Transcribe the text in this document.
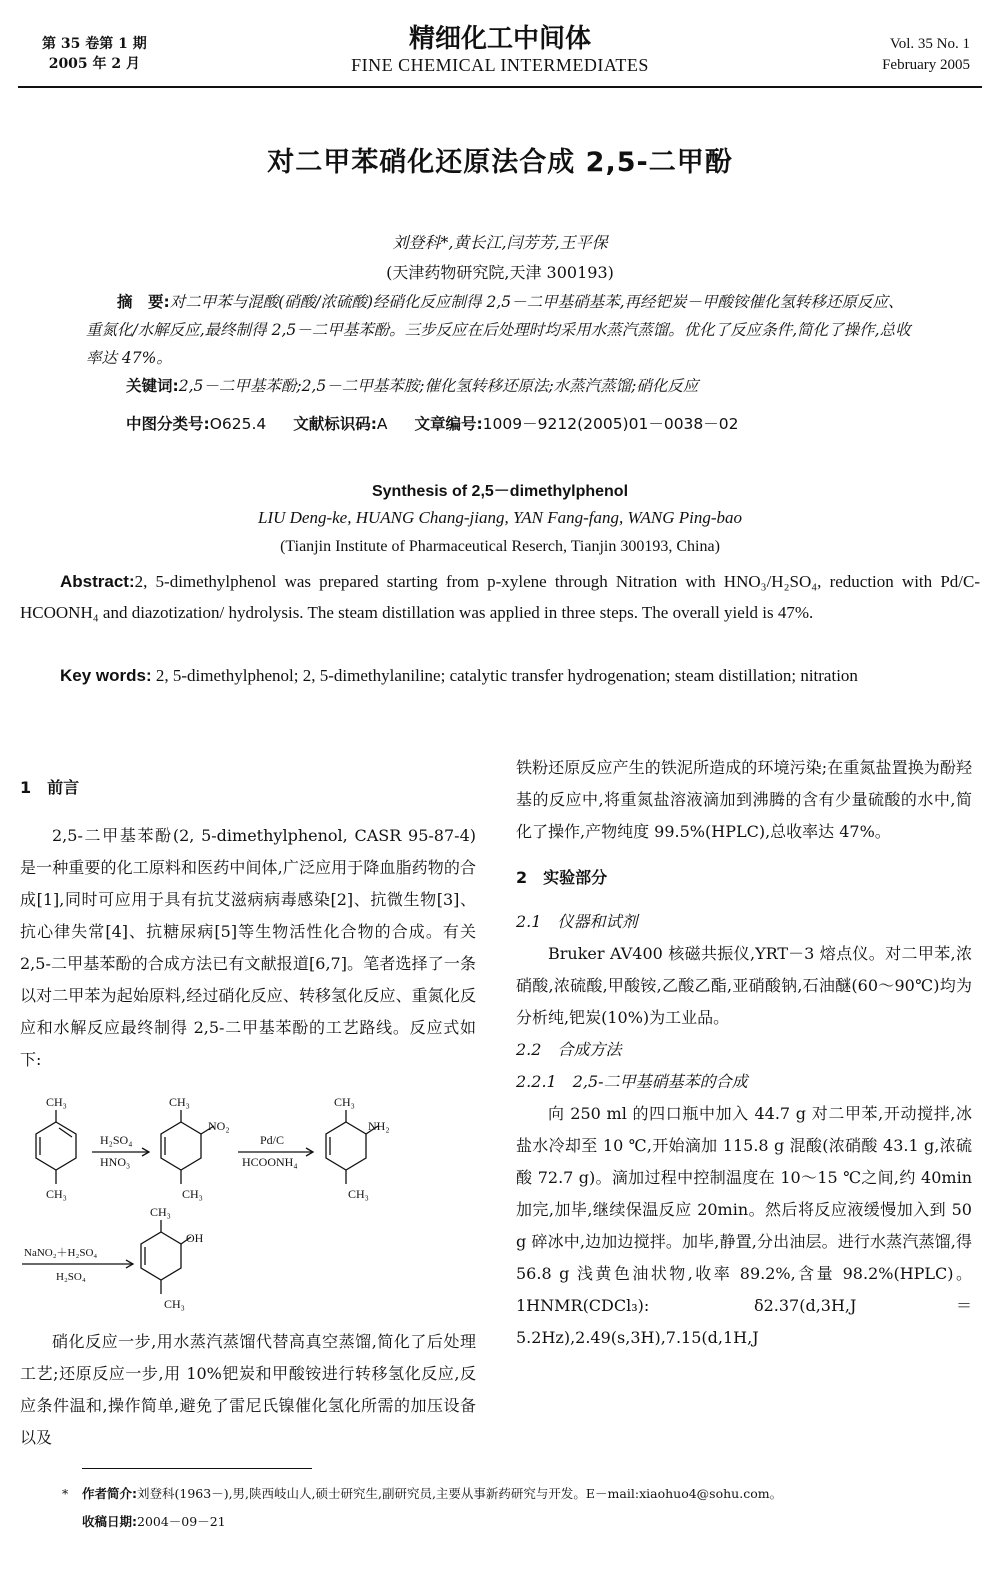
第 35 卷第 1 期
2005 年 2 月
精细化工中间体
FINE CHEMICAL INTERMEDIATES
Vol. 35 No. 1
February 2005
对二甲苯硝化还原法合成 2,5-二甲酚
刘登科*,黄长江,闫芳芳,王平保
(天津药物研究院,天津 300193)
摘　要:对二甲苯与混酸(硝酸/浓硫酸)经硝化反应制得 2,5－二甲基硝基苯,再经钯炭－甲酸铵催化氢转移还原反应、重氮化/水解反应,最终制得 2,5－二甲基苯酚。三步反应在后处理时均采用水蒸汽蒸馏。优化了反应条件,简化了操作,总收率达 47%。
关键词:2,5－二甲基苯酚;2,5－二甲基苯胺;催化氢转移还原法;水蒸汽蒸馏;硝化反应
中图分类号:O625.4 文献标识码:A 文章编号:1009－9212(2005)01－0038－02
Synthesis of 2,5－dimethylphenol
LIU Deng-ke, HUANG Chang-jiang, YAN Fang-fang, WANG Ping-bao
(Tianjin Institute of Pharmaceutical Reserch, Tianjin 300193, China)
Abstract:2, 5-dimethylphenol was prepared starting from p-xylene through Nitration with HNO₃/H₂SO₄, reduction with Pd/C-HCOONH₄ and diazotization/ hydrolysis. The steam distillation was applied in three steps. The overall yield is 47%.
Key words: 2, 5-dimethylphenol; 2, 5-dimethylaniline; catalytic transfer hydrogenation; steam distillation; nitration

1　前言

2,5-二甲基苯酚(2, 5-dimethylphenol, CASR 95-87-4)是一种重要的化工原料和医药中间体,广泛应用于降血脂药物的合成[1],同时可应用于具有抗艾滋病病毒感染[2]、抗微生物[3]、抗心律失常[4]、抗糖尿病[5]等生物活性化合物的合成。有关 2,5-二甲基苯酚的合成方法已有文献报道[6,7]。笔者选择了一条以对二甲苯为起始原料,经过硝化反应、转移氢化反应、重氮化反应和水解反应最终制得 2,5-二甲基苯酚的工艺路线。反应式如下:

CH₃
CH₃
H₂SO₄
HNO₃
CH₃
NO₂
CH₃
Pd/C
HCOONH₄
CH₃
NH₂
CH₃
NaNO₂＋H₂SO₄
H₂SO₄
CH₃
OH
CH₃

硝化反应一步,用水蒸汽蒸馏代替高真空蒸馏,简化了后处理工艺;还原反应一步,用 10%钯炭和甲酸铵进行转移氢化反应,反应条件温和,操作简单,避免了雷尼氏镍催化氢化所需的加压设备以及

铁粉还原反应产生的铁泥所造成的环境污染;在重氮盐置换为酚羟基的反应中,将重氮盐溶液滴加到沸腾的含有少量硫酸的水中,简化了操作,产物纯度 99.5%(HPLC),总收率达 47%。

2　实验部分

2.1　仪器和试剂

Bruker AV400 核磁共振仪,YRT－3 熔点仪。对二甲苯,浓硝酸,浓硫酸,甲酸铵,乙酸乙酯,亚硝酸钠,石油醚(60～90℃)均为分析纯,钯炭(10%)为工业品。

2.2　合成方法

2.2.1　2,5-二甲基硝基苯的合成

向 250 ml 的四口瓶中加入 44.7 g 对二甲苯,开动搅拌,冰盐水冷却至 10 ℃,开始滴加 115.8 g 混酸(浓硝酸 43.1 g,浓硫酸 72.7 g)。滴加过程中控制温度在 10～15 ℃之间,约 40min 加完,加毕,继续保温反应 20min。然后将反应液缓慢加入到 50 g 碎冰中,边加边搅拌。加毕,静置,分出油层。进行水蒸汽蒸馏,得 56.8 g 浅黄色油状物,收率 89.2%,含量 98.2%(HPLC)。1HNMR(CDCl₃): δ2.37(d,3H,J＝5.2Hz),2.49(s,3H),7.15(d,1H,J

* 作者简介:刘登科(1963－),男,陕西岐山人,硕士研究生,副研究员,主要从事新药研究与开发。E－mail:xiaohuo4@sohu.com。
收稿日期:2004－09－21
